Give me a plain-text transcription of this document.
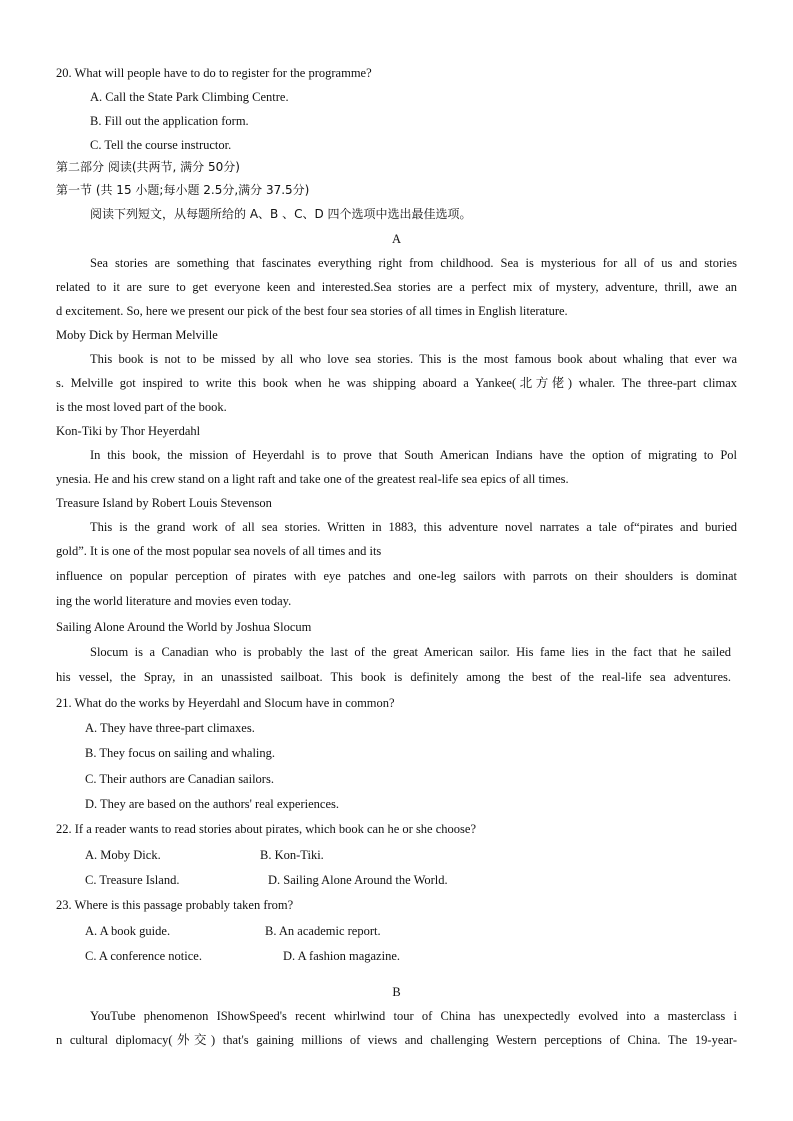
20. What will people have to do to register for the programme?
A. Call the State Park Climbing Centre.
B. Fill out the application form.
C. Tell the course instructor.
第二部分 阅读(共两节, 满分 50分)
第一节 (共 15 小题;每小题 2.5分,满分 37.5分)
阅读下列短文，从每题所给的 A、B 、C、D 四个选项中选出最佳选项。
A
Sea stories are something that fascinates everything right from childhood. Sea is mysterious for all of us and stories
related to it are sure to get everyone keen and interested.Sea stories are a perfect mix of mystery, adventure, thrill, awe an
d excitement. So, here we present our pick of the best four sea stories of all times in English literature.
Moby Dick by Herman Melville
This book is not to be missed by all who love sea stories. This is the most famous book about whaling that ever wa
s. Melville got inspired to write this book when he was shipping aboard a Yankee(北方佬) whaler. The three-part climax
is the most loved part of the book.
Kon-Tiki by Thor Heyerdahl
In this book, the mission of Heyerdahl is to prove that South American Indians have the option of migrating to Pol
ynesia. He and his crew stand on a light raft and take one of the greatest real-life sea epics of all times.
Treasure Island by Robert Louis Stevenson
This is the grand work of all sea stories. Written in 1883, this adventure novel narrates a tale of“pirates and buried
gold”. It is one of the most popular sea novels of all times and its
influence on popular perception of pirates with eye patches and one-leg sailors with parrots on their shoulders is dominat
ing the world literature and movies even today.
Sailing Alone Around the World by Joshua Slocum
Slocum is a Canadian who is probably the last of the great American sailor. His fame lies in the fact that he sailed
his vessel, the Spray, in an unassisted sailboat. This book is definitely among the best of the real-life sea adventures.
21. What do the works by Heyerdahl and Slocum have in common?
A. They have three-part climaxes.
B. They focus on sailing and whaling.
C. Their authors are Canadian sailors.
D. They are based on the authors' real experiences.
22. If a reader wants to read stories about pirates, which book can he or she choose?
A. Moby Dick.	B. Kon-Tiki.
C. Treasure Island.	D. Sailing Alone Around the World.
23. Where is this passage probably taken from?
A. A book guide.	B. An academic report.
C. A conference notice.	D. A fashion magazine.
B
YouTube phenomenon IShowSpeed's recent whirlwind tour of China has unexpectedly evolved into a masterclass i
n cultural diplomacy(外交) that's gaining millions of views and challenging Western perceptions of China. The 19-year-
